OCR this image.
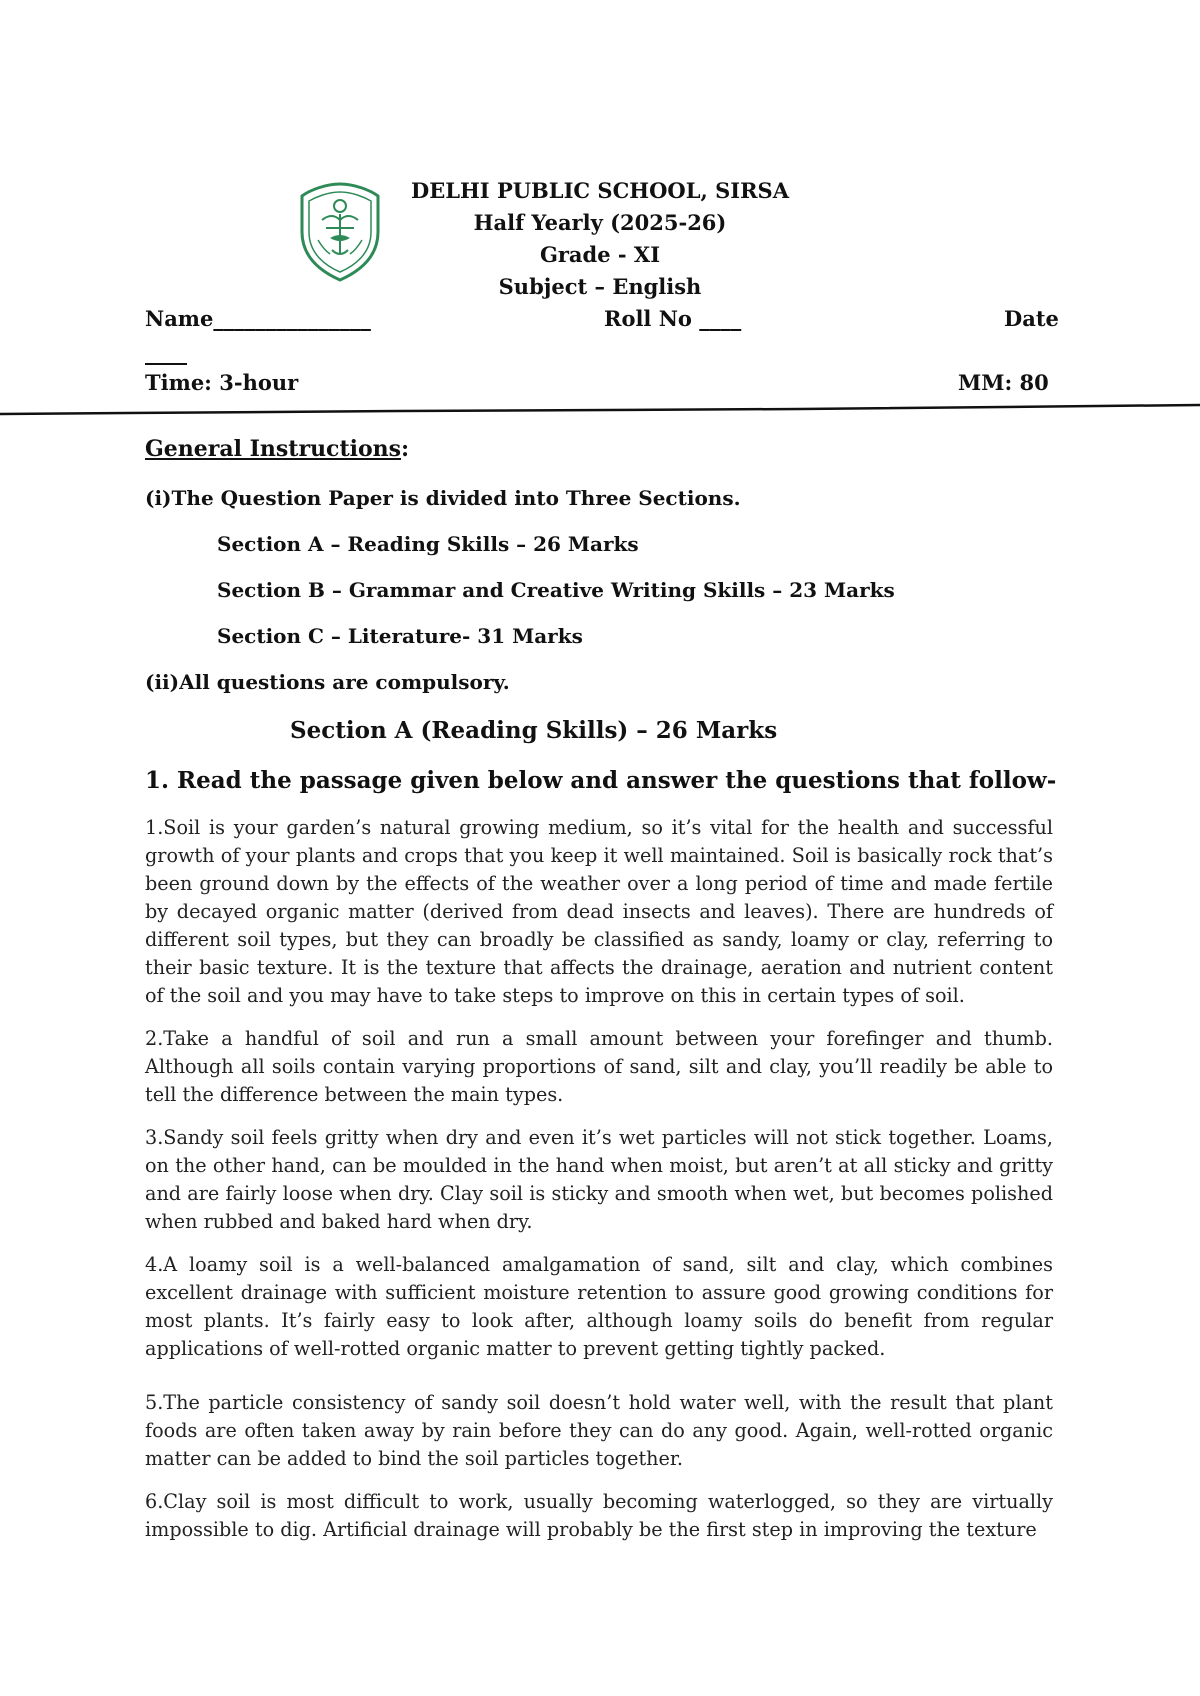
DELHI PUBLIC SCHOOL, SIRSA
Half Yearly (2025-26)
Grade - XI
Subject – English
Name_______________	Roll No ____	Date
____
Time: 3-hour	MM: 80
General Instructions:
(i)The Question Paper is divided into Three Sections.
Section A – Reading Skills – 26 Marks
Section B – Grammar and Creative Writing Skills – 23 Marks
Section C – Literature- 31 Marks
(ii)All questions are compulsory.
Section A (Reading Skills) – 26 Marks
1. Read the passage given below and answer the questions that follow-
1.Soil is your garden’s natural growing medium, so it’s vital for the health and successful growth of your plants and crops that you keep it well maintained. Soil is basically rock that’s been ground down by the effects of the weather over a long period of time and made fertile by decayed organic matter (derived from dead insects and leaves). There are hundreds of different soil types, but they can broadly be classified as sandy, loamy or clay, referring to their basic texture. It is the texture that affects the drainage, aeration and nutrient content of the soil and you may have to take steps to improve on this in certain types of soil.
2.Take a handful of soil and run a small amount between your forefinger and thumb. Although all soils contain varying proportions of sand, silt and clay, you’ll readily be able to tell the difference between the main types.
3.Sandy soil feels gritty when dry and even it’s wet particles will not stick together. Loams, on the other hand, can be moulded in the hand when moist, but aren’t at all sticky and gritty and are fairly loose when dry. Clay soil is sticky and smooth when wet, but becomes polished when rubbed and baked hard when dry.
4.A loamy soil is a well-balanced amalgamation of sand, silt and clay, which combines excellent drainage with sufficient moisture retention to assure good growing conditions for most plants. It’s fairly easy to look after, although loamy soils do benefit from regular applications of well-rotted organic matter to prevent getting tightly packed.
5.The particle consistency of sandy soil doesn’t hold water well, with the result that plant foods are often taken away by rain before they can do any good. Again, well-rotted organic matter can be added to bind the soil particles together.
6.Clay soil is most difficult to work, usually becoming waterlogged, so they are virtually impossible to dig. Artificial drainage will probably be the first step in improving the texture
